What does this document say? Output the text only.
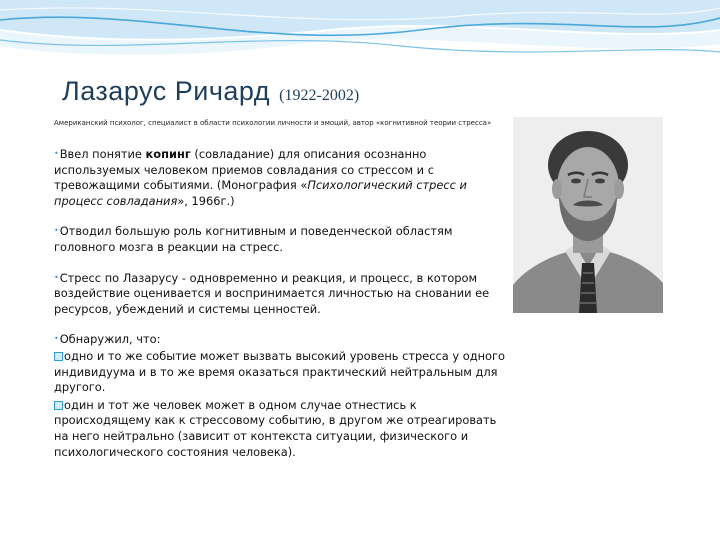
Лазарус Ричард (1922-2002)
Американский психолог, специалист в области психологии личности и эмоций, автор «когнитивной теории стресса»

•Ввел понятие копинг (совладание) для описания осознанно используемых человеком приемов совладания со стрессом и с тревожащими событиями. (Монография «Психологический стресс и процесс совладания», 1966г.)

•Отводил большую роль когнитивным и поведенческой областям головного мозга в реакции на стресс.

•Стресс по Лазарусу - одновременно и реакция, и процесс, в котором воздействие оценивается и воспринимается личностью на сновании ее ресурсов, убеждений и системы ценностей.

•Обнаружил, что:

одно и то же событие может вызвать высокий уровень стресса у одного индивидуума и в то же время оказаться практический нейтральным для другого.

один и тот же человек может в одном случае отнестись к происходящему как к стрессовому событию, в другом же отреагировать на него нейтрально (зависит от контекста ситуации, физического и психологического состояния человека).
